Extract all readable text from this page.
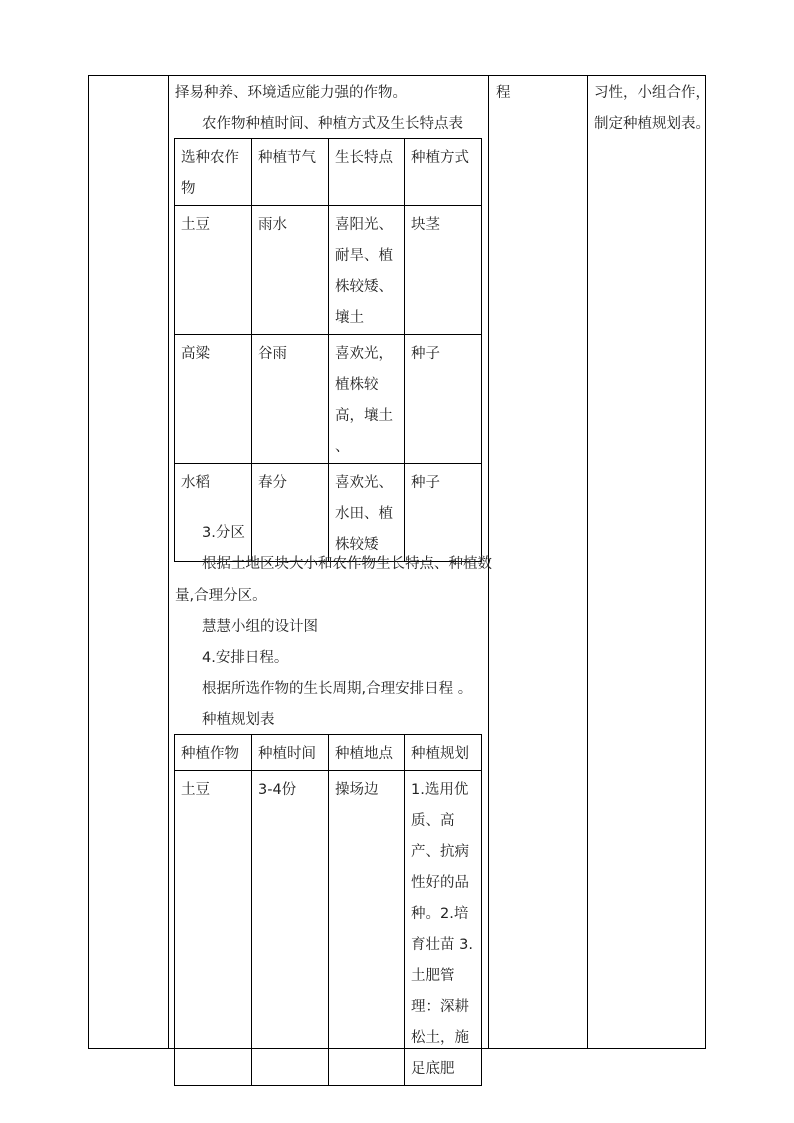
择易种养、环境适应能力强的作物。
农作物种植时间、种植方式及生长特点表
选种农作物	种植节气	生长特点	种植方式
土豆	雨水	喜阳光、耐旱、植株较矮、壤土	块茎
高粱	谷雨	喜欢光，植株较高，壤土 、	种子
水稻	春分	喜欢光、水田、植株较矮	种子
3.分区
根据土地区块大小和农作物生长特点、种植数
量,合理分区。
慧慧小组的设计图
4.安排日程。
根据所选作物的生长周期,合理安排日程 。
种植规划表
种植作物	种植时间	种植地点	种植规划
土豆	3-4份	操场边	1.选用优质、高产、抗病性好的品种。2.培育壮苗 3.土肥管理：深耕松土，施足底肥
程	习性，小组合作，
制定种植规划表。
